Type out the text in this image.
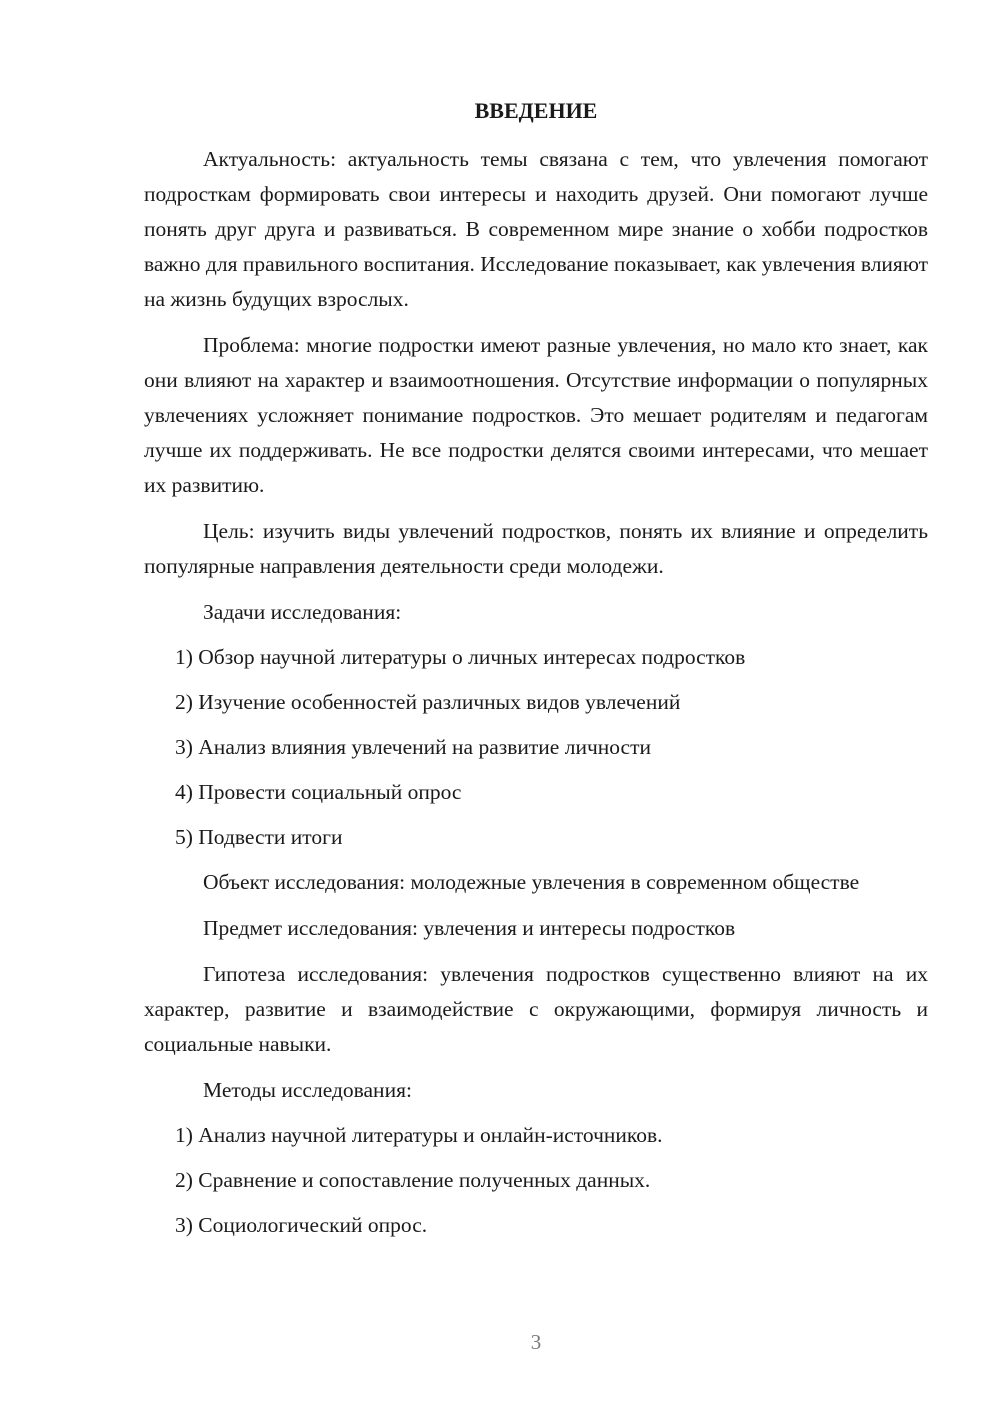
ВВЕДЕНИЕ

Актуальность: актуальность темы связана с тем, что увлечения помогают подросткам формировать свои интересы и находить друзей. Они помогают лучше понять друг друга и развиваться. В современном мире знание о хобби подростков важно для правильного воспитания. Исследование показывает, как увлечения влияют на жизнь будущих взрослых.

Проблема: многие подростки имеют разные увлечения, но мало кто знает, как они влияют на характер и взаимоотношения. Отсутствие информации о популярных увлечениях усложняет понимание подростков. Это мешает родителям и педагогам лучше их поддерживать. Не все подростки делятся своими интересами, что мешает их развитию.

Цель: изучить виды увлечений подростков, понять их влияние и определить популярные направления деятельности среди молодежи.

Задачи исследования:
1) Обзор научной литературы о личных интересах подростков
2) Изучение особенностей различных видов увлечений
3) Анализ влияния увлечений на развитие личности
4) Провести социальный опрос
5) Подвести итоги

Объект исследования: молодежные увлечения в современном обществе

Предмет исследования: увлечения и интересы подростков

Гипотеза исследования: увлечения подростков существенно влияют на их характер, развитие и взаимодействие с окружающими, формируя личность и социальные навыки.

Методы исследования:
1) Анализ научной литературы и онлайн-источников.
2) Сравнение и сопоставление полученных данных.
3) Социологический опрос.
3
